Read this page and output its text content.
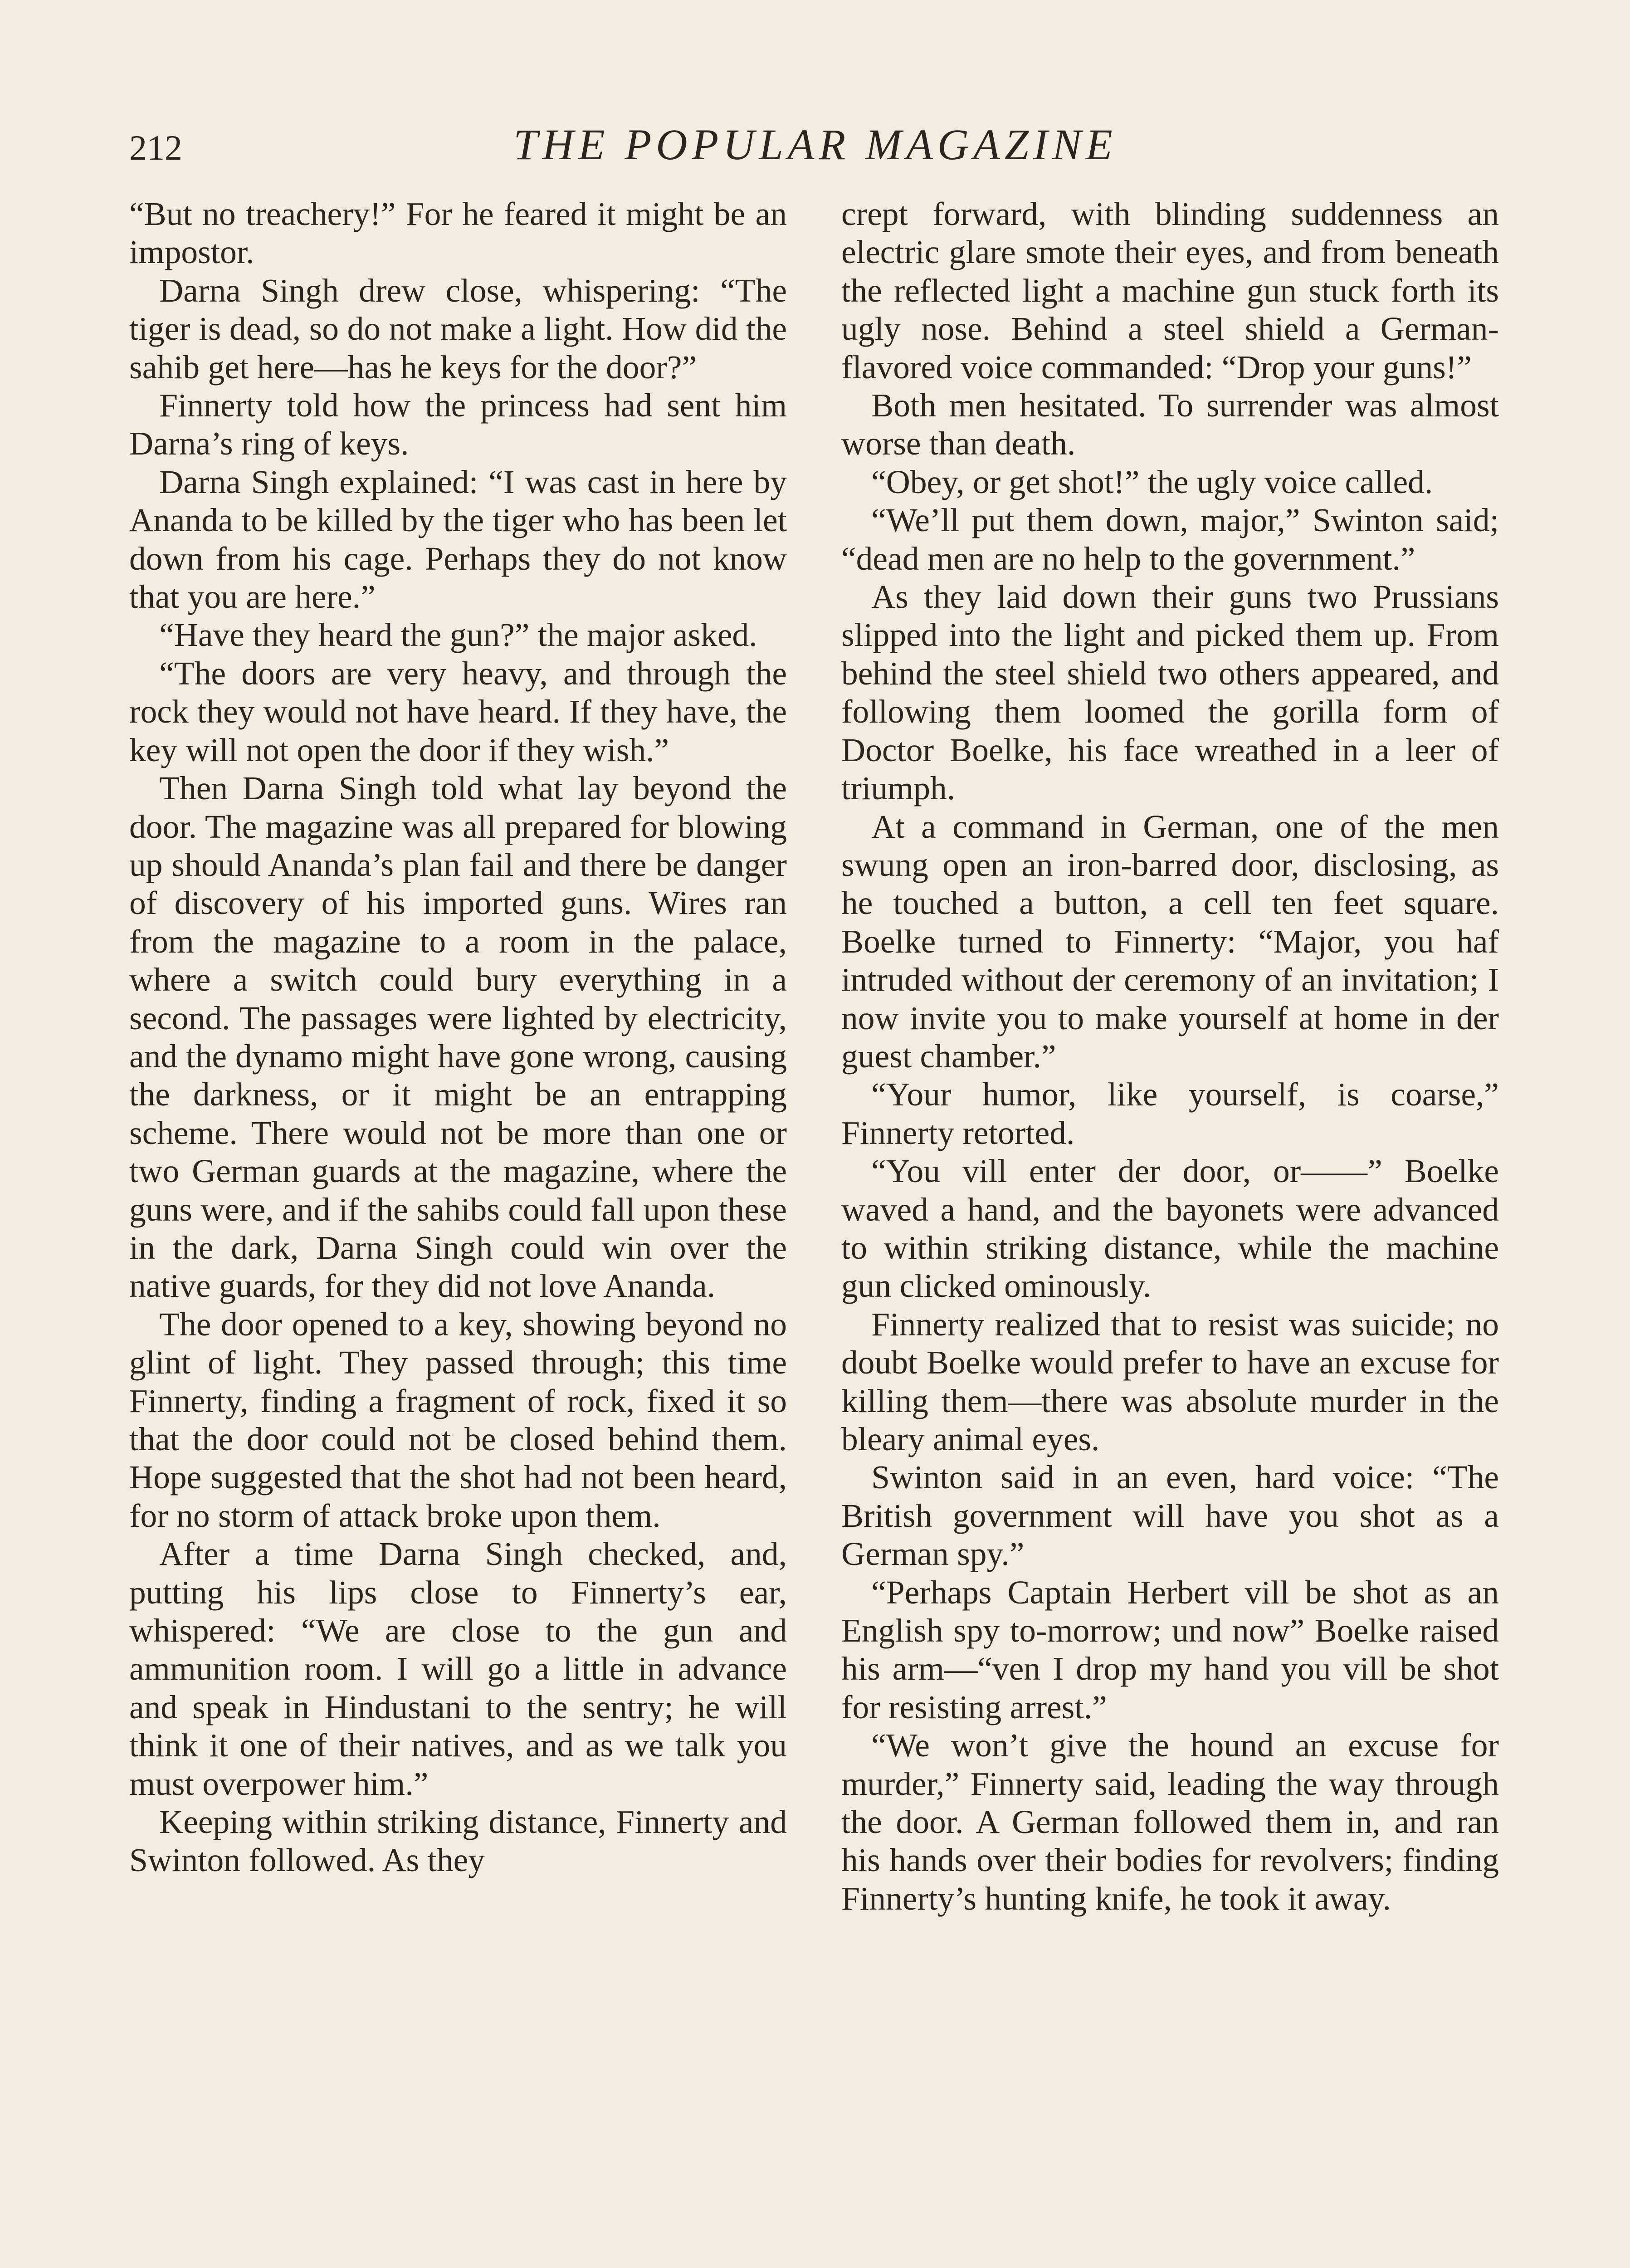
212	THE POPULAR MAGAZINE

“But no treachery!” For he feared it might be an impostor.

Darna Singh drew close, whispering: “The tiger is dead, so do not make a light. How did the sahib get here—has he keys for the door?”

Finnerty told how the princess had sent him Darna’s ring of keys.

Darna Singh explained: “I was cast in here by Ananda to be killed by the tiger who has been let down from his cage. Perhaps they do not know that you are here.”

“Have they heard the gun?” the major asked.

“The doors are very heavy, and through the rock they would not have heard. If they have, the key will not open the door if they wish.”

Then Darna Singh told what lay beyond the door. The magazine was all prepared for blowing up should Ananda’s plan fail and there be danger of discovery of his imported guns. Wires ran from the magazine to a room in the palace, where a switch could bury everything in a second. The passages were lighted by electricity, and the dynamo might have gone wrong, causing the darkness, or it might be an entrapping scheme. There would not be more than one or two German guards at the magazine, where the guns were, and if the sahibs could fall upon these in the dark, Darna Singh could win over the native guards, for they did not love Ananda.

The door opened to a key, showing beyond no glint of light. They passed through; this time Finnerty, finding a fragment of rock, fixed it so that the door could not be closed behind them. Hope suggested that the shot had not been heard, for no storm of attack broke upon them.

After a time Darna Singh checked, and, putting his lips close to Finnerty’s ear, whispered: “We are close to the gun and ammunition room. I will go a little in advance and speak in Hindustani to the sentry; he will think it one of their natives, and as we talk you must overpower him.”

Keeping within striking distance, Finnerty and Swinton followed. As they

crept forward, with blinding suddenness an electric glare smote their eyes, and from beneath the reflected light a machine gun stuck forth its ugly nose. Behind a steel shield a German-flavored voice commanded: “Drop your guns!”

Both men hesitated. To surrender was almost worse than death.

“Obey, or get shot!” the ugly voice called.

“We’ll put them down, major,” Swinton said; “dead men are no help to the government.”

As they laid down their guns two Prussians slipped into the light and picked them up. From behind the steel shield two others appeared, and following them loomed the gorilla form of Doctor Boelke, his face wreathed in a leer of triumph.

At a command in German, one of the men swung open an iron-barred door, disclosing, as he touched a button, a cell ten feet square. Boelke turned to Finnerty: “Major, you haf intruded without der ceremony of an invitation; I now invite you to make yourself at home in der guest chamber.”

“Your humor, like yourself, is coarse,” Finnerty retorted.

“You vill enter der door, or——” Boelke waved a hand, and the bayonets were advanced to within striking distance, while the machine gun clicked ominously.

Finnerty realized that to resist was suicide; no doubt Boelke would prefer to have an excuse for killing them—there was absolute murder in the bleary animal eyes.

Swinton said in an even, hard voice: “The British government will have you shot as a German spy.”

“Perhaps Captain Herbert vill be shot as an English spy to-morrow; und now” Boelke raised his arm—“ven I drop my hand you vill be shot for resisting arrest.”

“We won’t give the hound an excuse for murder,” Finnerty said, leading the way through the door. A German followed them in, and ran his hands over their bodies for revolvers; finding Finnerty’s hunting knife, he took it away.
